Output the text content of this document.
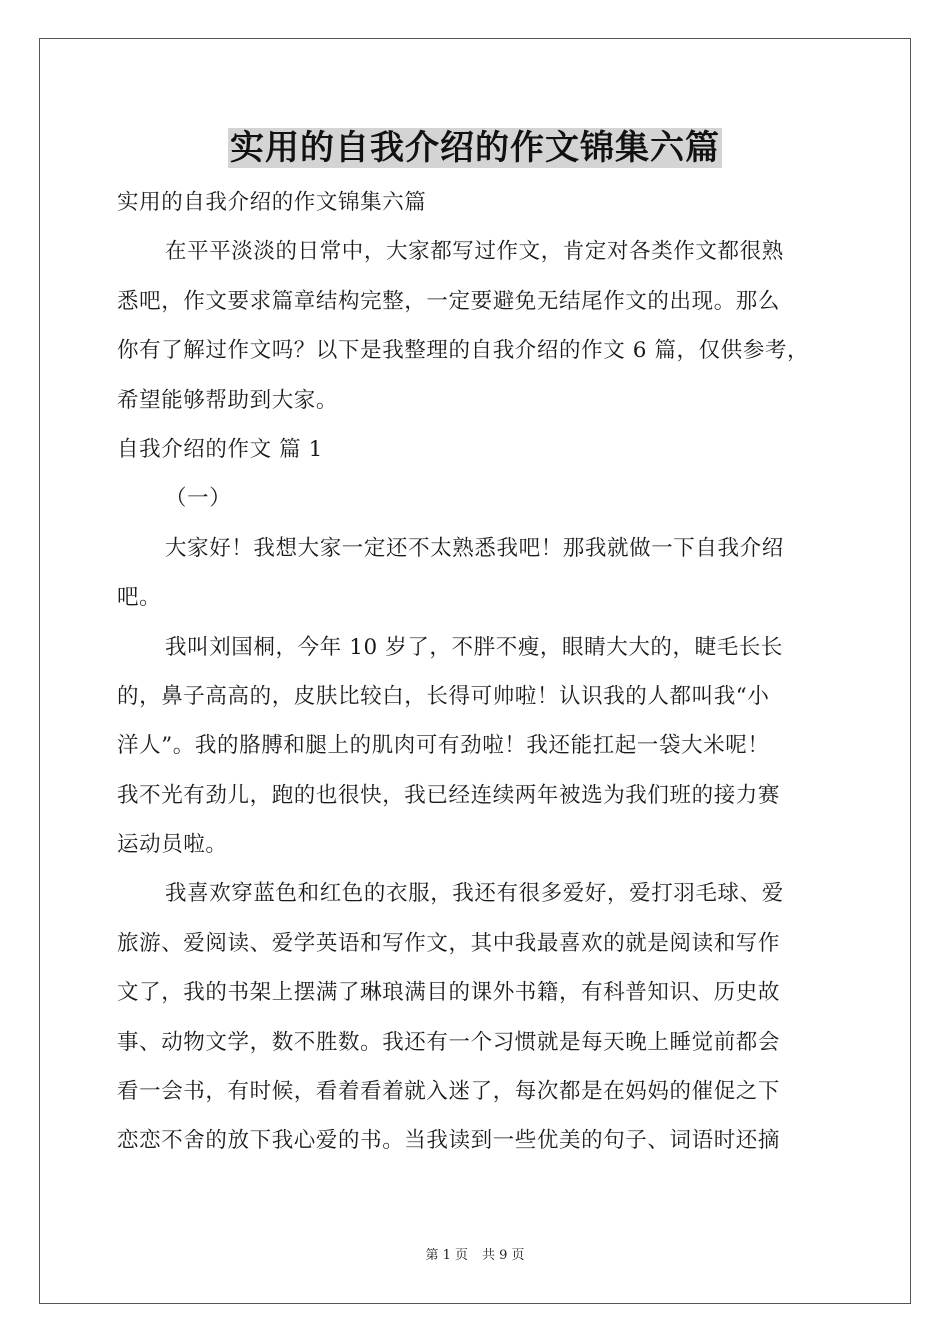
实用的自我介绍的作文锦集六篇
实用的自我介绍的作文锦集六篇
在平平淡淡的日常中，大家都写过作文，肯定对各类作文都很熟
悉吧，作文要求篇章结构完整，一定要避免无结尾作文的出现。那么
你有了解过作文吗？以下是我整理的自我介绍的作文 6 篇，仅供参考，
希望能够帮助到大家。
自我介绍的作文 篇 1
（一）
大家好！我想大家一定还不太熟悉我吧！那我就做一下自我介绍
吧。
我叫刘国桐，今年 10 岁了，不胖不瘦，眼睛大大的，睫毛长长
的，鼻子高高的，皮肤比较白，长得可帅啦！认识我的人都叫我“小
洋人”。我的胳膊和腿上的肌肉可有劲啦！我还能扛起一袋大米呢！
我不光有劲儿，跑的也很快，我已经连续两年被选为我们班的接力赛
运动员啦。
我喜欢穿蓝色和红色的衣服，我还有很多爱好，爱打羽毛球、爱
旅游、爱阅读、爱学英语和写作文，其中我最喜欢的就是阅读和写作
文了，我的书架上摆满了琳琅满目的课外书籍，有科普知识、历史故
事、动物文学，数不胜数。我还有一个习惯就是每天晚上睡觉前都会
看一会书，有时候，看着看着就入迷了，每次都是在妈妈的催促之下
恋恋不舍的放下我心爱的书。当我读到一些优美的句子、词语时还摘
第 1 页 共 9 页
